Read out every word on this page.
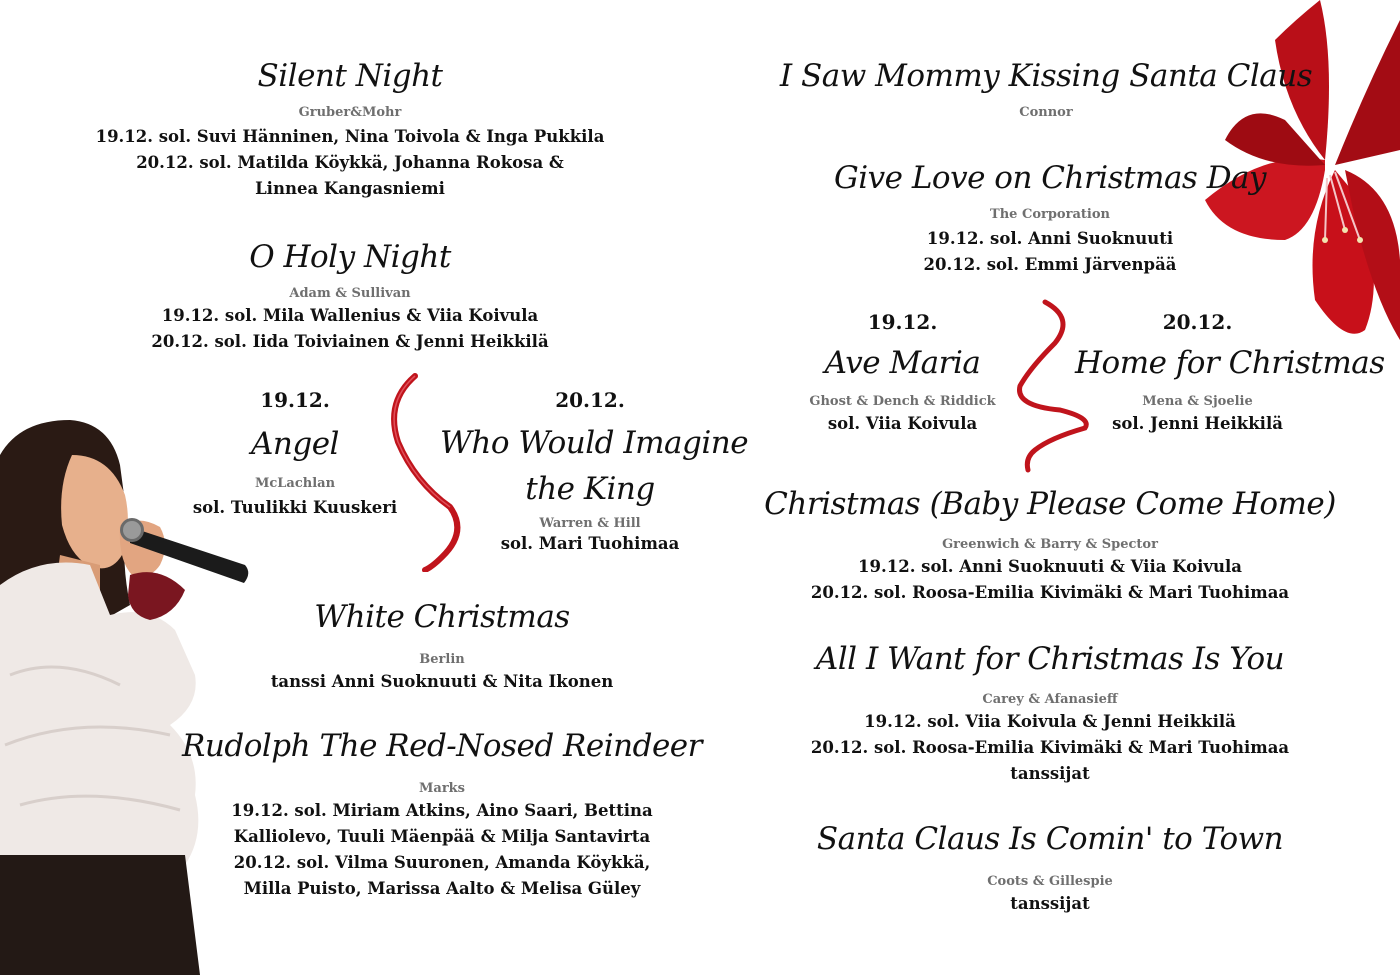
Silent Night
Gruber&Mohr
19.12. sol. Suvi Hänninen, Nina Toivola & Inga Pukkila
20.12. sol. Matilda Köykkä, Johanna Rokosa &
Linnea Kangasniemi
O Holy Night
Adam & Sullivan
19.12. sol. Mila Wallenius & Viia Koivula
20.12. sol. Iida Toiviainen & Jenni Heikkilä
19.12.
Angel
McLachlan
sol. Tuulikki Kuuskeri
20.12.
Who Would Imagine
the King
Warren & Hill
sol. Mari Tuohimaa
White Christmas
Berlin
tanssi Anni Suoknuuti & Nita Ikonen
Rudolph The Red-Nosed Reindeer
Marks
19.12. sol. Miriam Atkins, Aino Saari, Bettina
Kalliolevo, Tuuli Mäenpää & Milja Santavirta
20.12. sol. Vilma Suuronen, Amanda Köykkä,
Milla Puisto, Marissa Aalto & Melisa Güley
I Saw Mommy Kissing Santa Claus
Connor
Give Love on Christmas Day
The Corporation
19.12. sol. Anni Suoknuuti
20.12. sol. Emmi Järvenpää
19.12.
Ave Maria
Ghost & Dench & Riddick
sol. Viia Koivula
20.12.
Home for Christmas
Mena & Sjoelie
sol. Jenni Heikkilä
Christmas (Baby Please Come Home)
Greenwich & Barry & Spector
19.12. sol. Anni Suoknuuti & Viia Koivula
20.12. sol. Roosa-Emilia Kivimäki & Mari Tuohimaa
All I Want for Christmas Is You
Carey & Afanasieff
19.12. sol. Viia Koivula & Jenni Heikkilä
20.12. sol. Roosa-Emilia Kivimäki & Mari Tuohimaa
tanssijat
Santa Claus Is Comin' to Town
Coots & Gillespie
tanssijat
